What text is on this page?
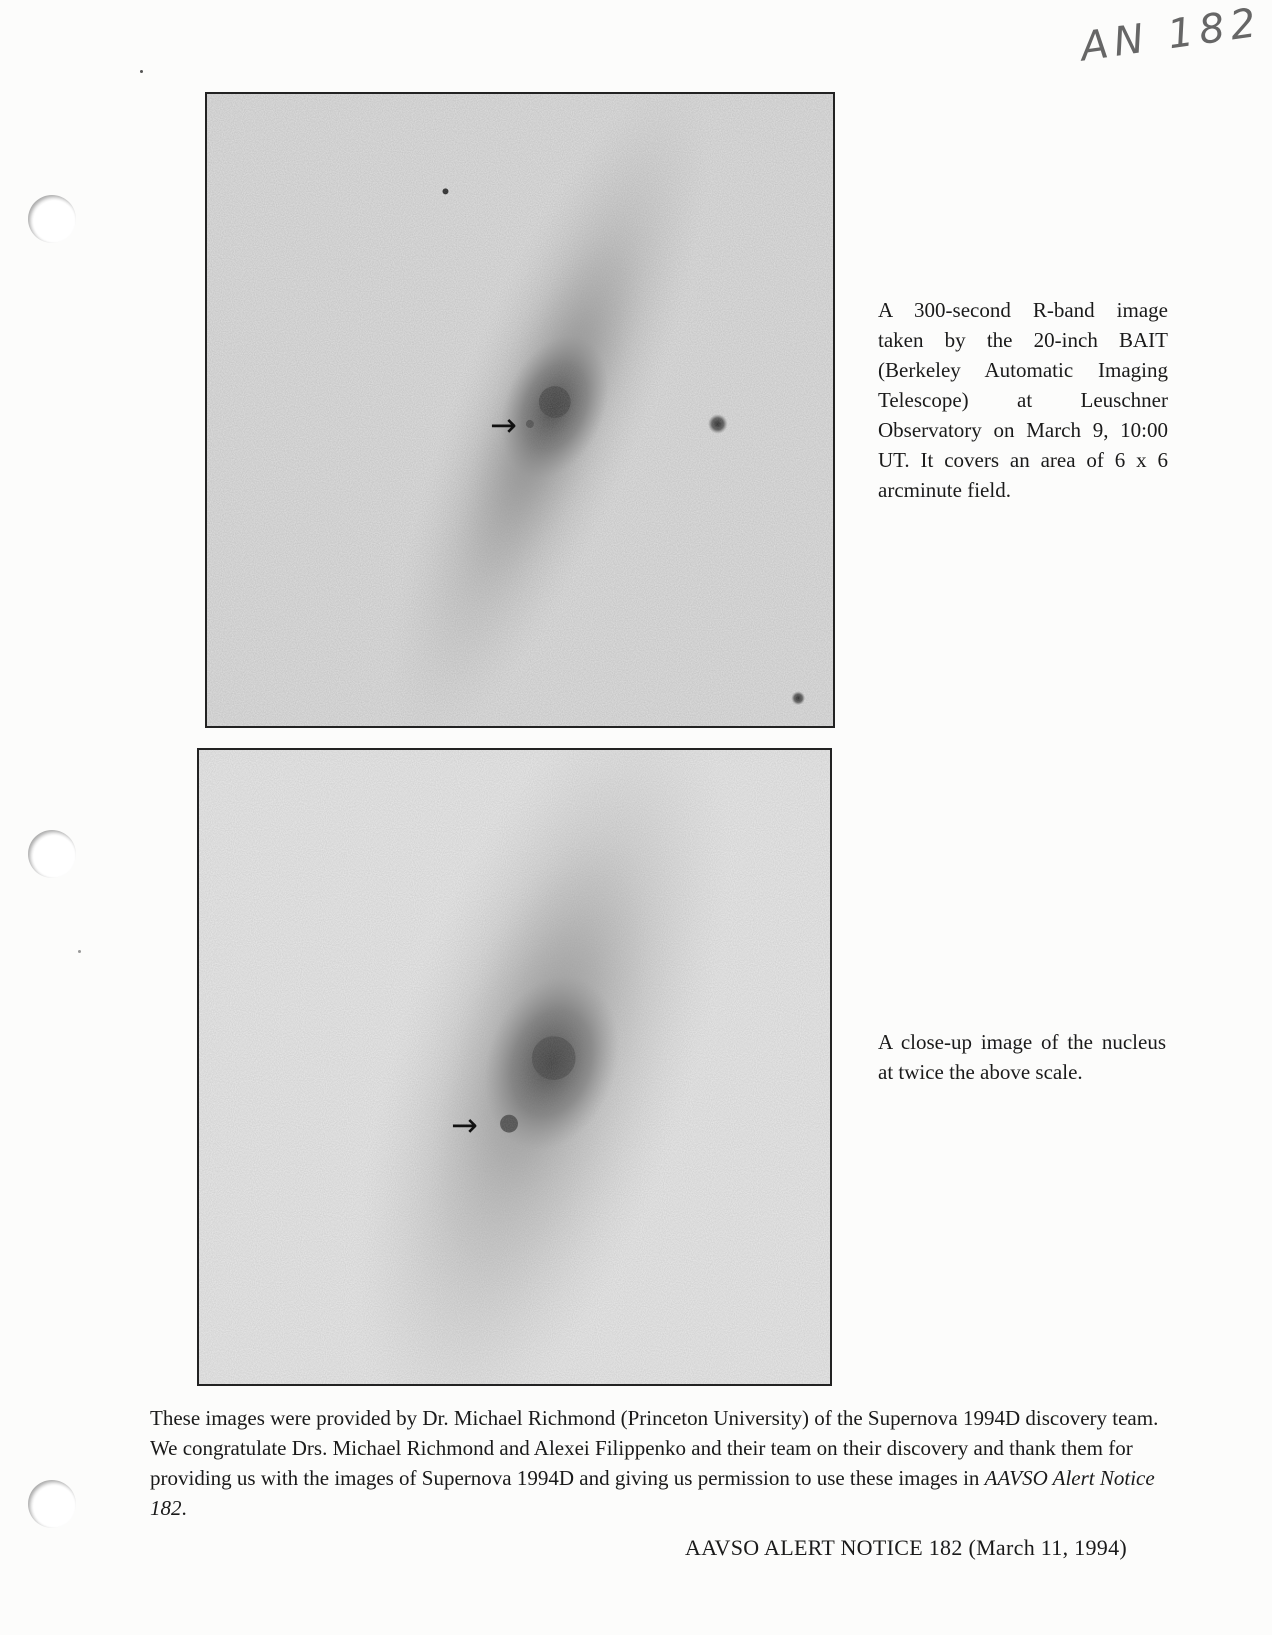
AN 182
→
A 300-second R-band image taken by the 20-inch BAIT (Berkeley Automatic Imaging Telescope) at Leuschner Observatory on March 9, 10:00 UT. It covers an area of 6 x 6 arcminute field.
→
A close-up image of the nucleus at twice the above scale.
These images were provided by Dr. Michael Richmond (Princeton University) of the Supernova 1994D discovery team. We congratulate Drs. Michael Richmond and Alexei Filippenko and their team on their discovery and thank them for providing us with the images of Supernova 1994D and giving us permission to use these images in AAVSO Alert Notice 182.
AAVSO ALERT NOTICE 182 (March 11, 1994)
